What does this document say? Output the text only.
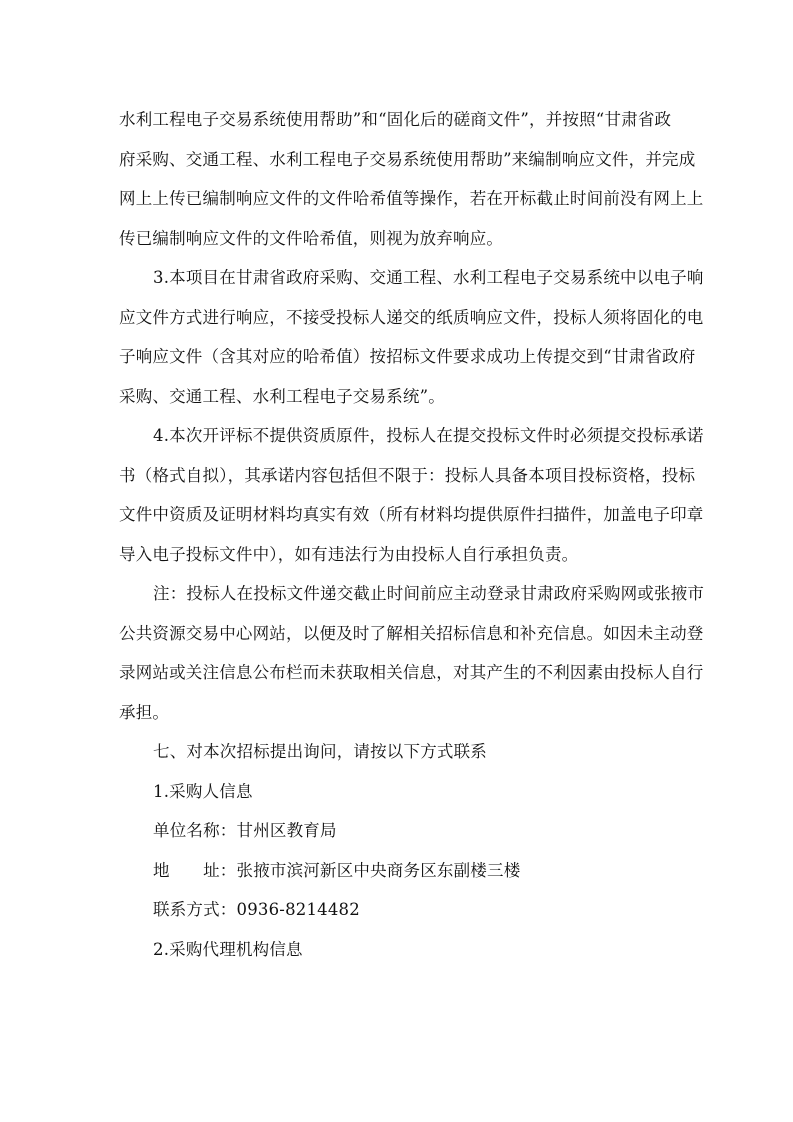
水利工程电子交易系统使用帮助”和“固化后的磋商文件”，并按照“甘肃省政
府采购、交通工程、水利工程电子交易系统使用帮助”来编制响应文件，并完成
网上上传已编制响应文件的文件哈希值等操作，若在开标截止时间前没有网上上
传已编制响应文件的文件哈希值，则视为放弃响应。
3.本项目在甘肃省政府采购、交通工程、水利工程电子交易系统中以电子响
应文件方式进行响应，不接受投标人递交的纸质响应文件，投标人须将固化的电
子响应文件（含其对应的哈希值）按招标文件要求成功上传提交到“甘肃省政府
采购、交通工程、水利工程电子交易系统”。
4.本次开评标不提供资质原件，投标人在提交投标文件时必须提交投标承诺
书（格式自拟），其承诺内容包括但不限于：投标人具备本项目投标资格，投标
文件中资质及证明材料均真实有效（所有材料均提供原件扫描件，加盖电子印章
导入电子投标文件中），如有违法行为由投标人自行承担负责。
注：投标人在投标文件递交截止时间前应主动登录甘肃政府采购网或张掖市
公共资源交易中心网站，以便及时了解相关招标信息和补充信息。如因未主动登
录网站或关注信息公布栏而未获取相关信息，对其产生的不利因素由投标人自行
承担。
七、对本次招标提出询问，请按以下方式联系
1.采购人信息
单位名称：甘州区教育局
地　　址：张掖市滨河新区中央商务区东副楼三楼
联系方式：0936-8214482
2.采购代理机构信息
